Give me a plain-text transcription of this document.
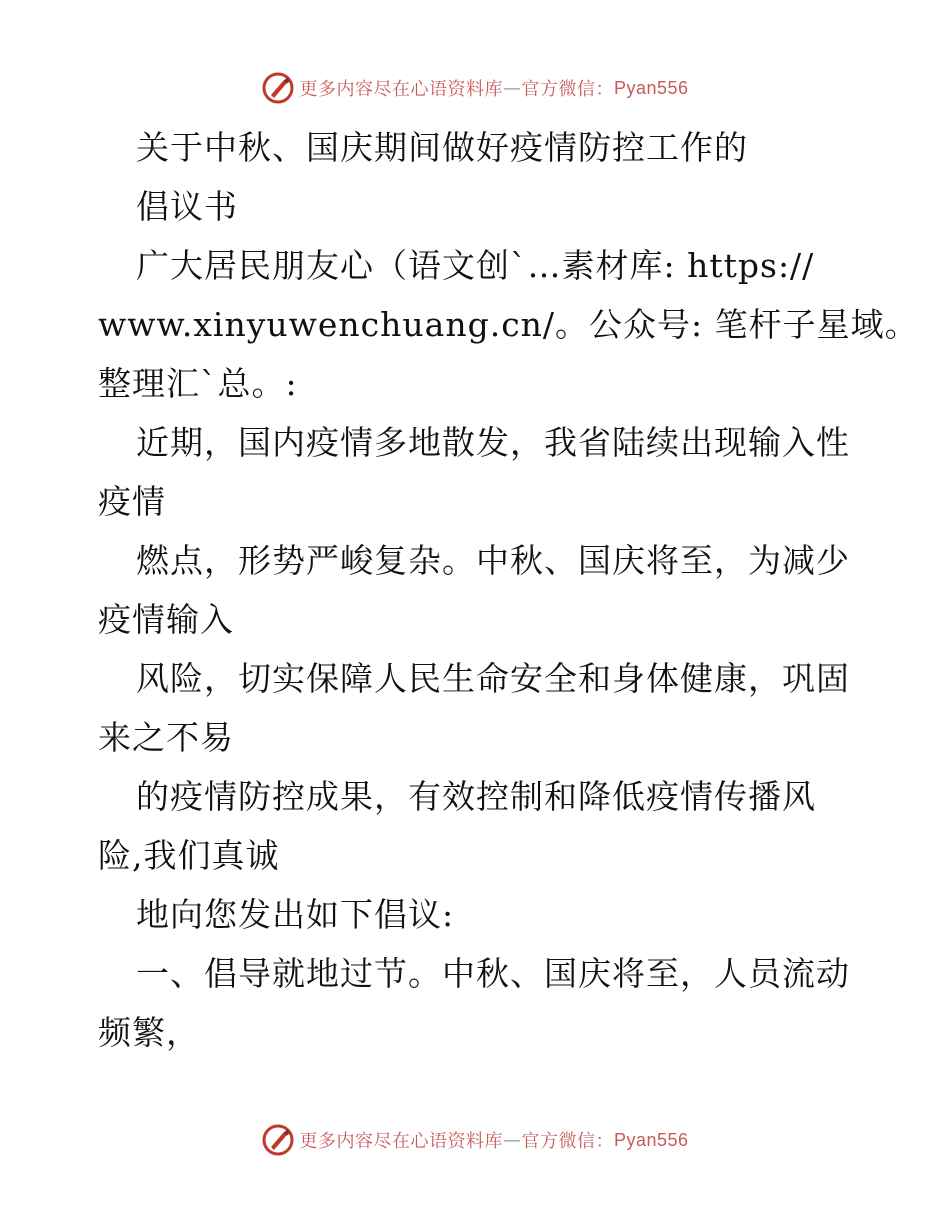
更多内容尽在心语资料库 — 官方微信： Pyan556
关于中秋、国庆期间做好疫情防控工作的
倡议书
广大居民朋友心（语文创`…素材库: https://
www.xinyuwenchuang.cn/。公众号: 笔杆子星域。
整理汇`总。:
近期，国内疫情多地散发，我省陆续出现输入性
疫情
燃点，形势严峻复杂。中秋、国庆将至，为减少
疫情输入
风险，切实保障人民生命安全和身体健康，巩固
来之不易
的疫情防控成果，有效控制和降低疫情传播风
险,我们真诚
地向您发出如下倡议:
一、倡导就地过节。中秋、国庆将至，人员流动
频繁，
更多内容尽在心语资料库 — 官方微信： Pyan556
